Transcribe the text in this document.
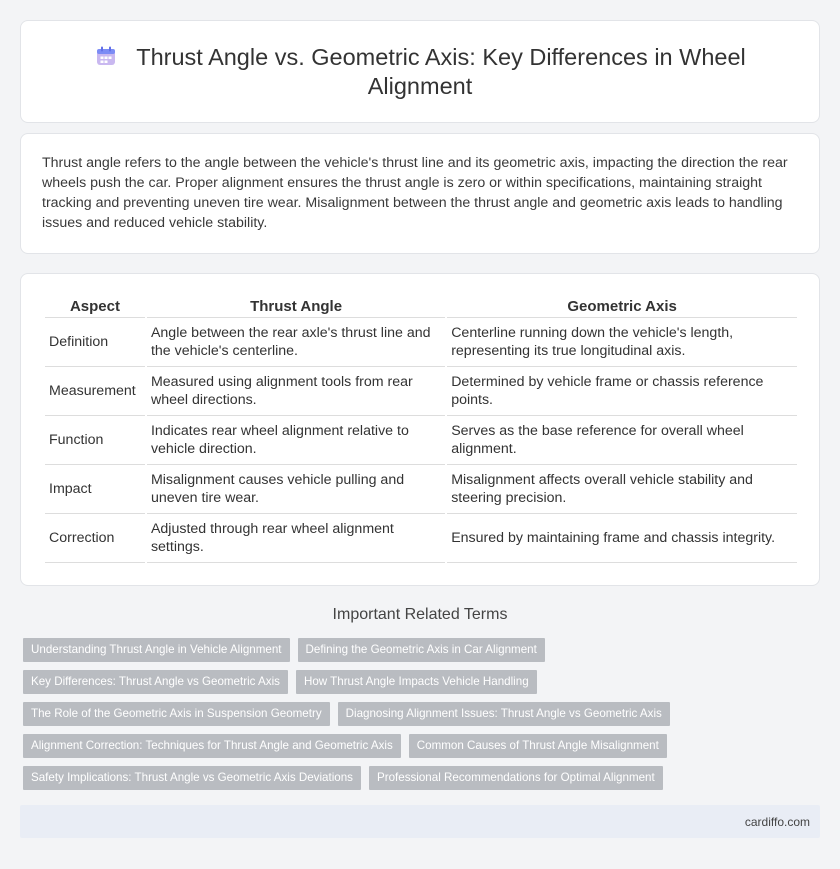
Thrust Angle vs. Geometric Axis: Key Differences in Wheel Alignment

Thrust angle refers to the angle between the vehicle's thrust line and its geometric axis, impacting the direction the rear wheels push the car. Proper alignment ensures the thrust angle is zero or within specifications, maintaining straight tracking and preventing uneven tire wear. Misalignment between the thrust angle and geometric axis leads to handling issues and reduced vehicle stability.

Aspect	Thrust Angle	Geometric Axis
Definition	Angle between the rear axle's thrust line and the vehicle's centerline.	Centerline running down the vehicle's length, representing its true longitudinal axis.
Measurement	Measured using alignment tools from rear wheel directions.	Determined by vehicle frame or chassis reference points.
Function	Indicates rear wheel alignment relative to vehicle direction.	Serves as the base reference for overall wheel alignment.
Impact	Misalignment causes vehicle pulling and uneven tire wear.	Misalignment affects overall vehicle stability and steering precision.
Correction	Adjusted through rear wheel alignment settings.	Ensured by maintaining frame and chassis integrity.
Important Related Terms
Understanding Thrust Angle in Vehicle Alignment	Defining the Geometric Axis in Car Alignment
Key Differences: Thrust Angle vs Geometric Axis	How Thrust Angle Impacts Vehicle Handling
The Role of the Geometric Axis in Suspension Geometry	Diagnosing Alignment Issues: Thrust Angle vs Geometric Axis
Alignment Correction: Techniques for Thrust Angle and Geometric Axis	Common Causes of Thrust Angle Misalignment
Safety Implications: Thrust Angle vs Geometric Axis Deviations	Professional Recommendations for Optimal Alignment
cardiffo.com
